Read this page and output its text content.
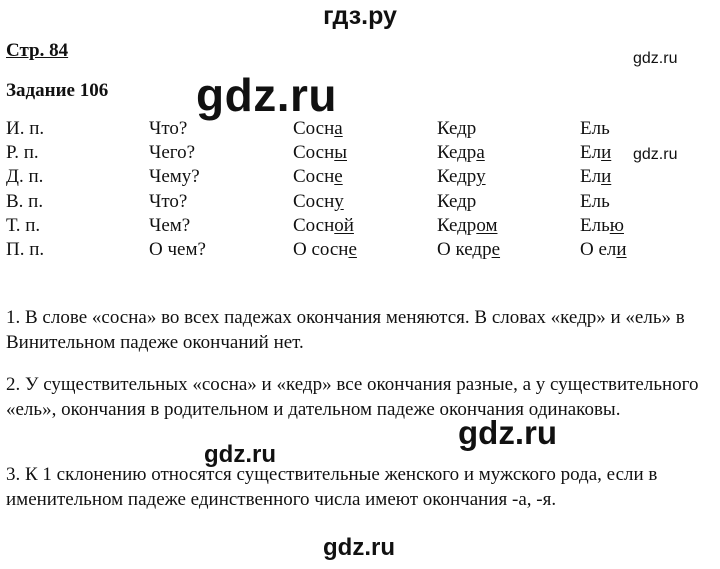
гдз.ру
gdz.ru
gdz.ru
gdz.ru
Стр. 84
Задание 106
И. п.	Что?	Сосна	Кедр	Ель
Р. п.	Чего?	Сосны	Кедра	Ели
Д. п.	Чему?	Сосне	Кедру	Ели
В. п.	Что?	Сосну	Кедр	Ель
Т. п.	Чем?	Сосной	Кедром	Елью
П. п.	О чем?	О сосне	О кедре	О ели
1. В слове «сосна» во всех падежах окончания меняются. В словах «кедр» и «ель» в Винительном падеже окончаний нет.
2. У существительных «сосна» и «кедр» все окончания разные, а у существительного «ель», окончания в родительном и дательном падеже окончания одинаковы.
3. К 1 склонению относятся существительные женского и мужского рода, если в именительном падеже единственного числа имеют окончания -а, -я.
gdz.ru
gdz.ru
gdz.ru
